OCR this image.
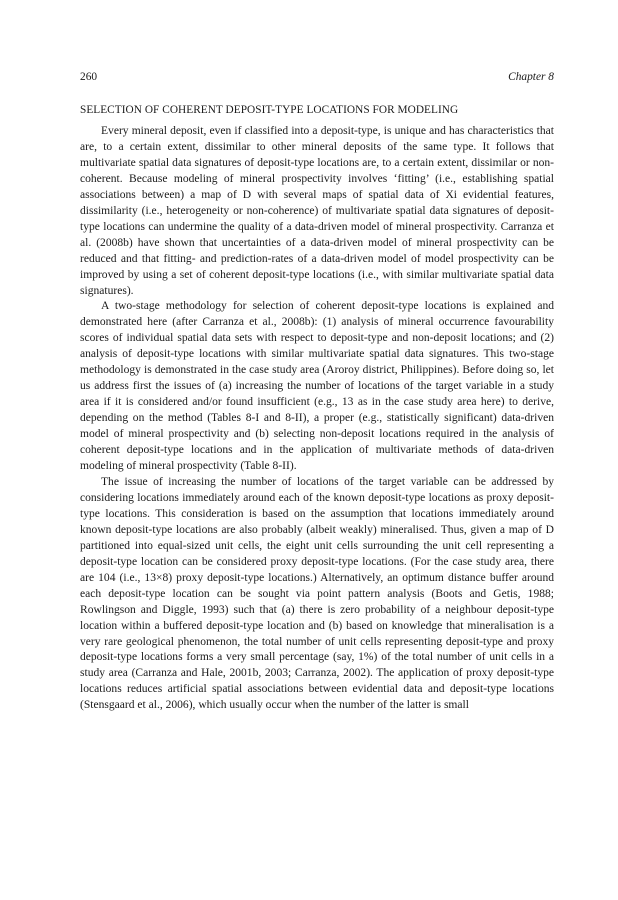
260	Chapter 8
SELECTION OF COHERENT DEPOSIT-TYPE LOCATIONS FOR MODELING

Every mineral deposit, even if classified into a deposit-type, is unique and has characteristics that are, to a certain extent, dissimilar to other mineral deposits of the same type. It follows that multivariate spatial data signatures of deposit-type locations are, to a certain extent, dissimilar or non-coherent. Because modeling of mineral prospectivity involves ‘fitting’ (i.e., establishing spatial associations between) a map of D with several maps of spatial data of Xi evidential features, dissimilarity (i.e., heterogeneity or non-coherence) of multivariate spatial data signatures of deposit-type locations can undermine the quality of a data-driven model of mineral prospectivity. Carranza et al. (2008b) have shown that uncertainties of a data-driven model of mineral prospectivity can be reduced and that fitting- and prediction-rates of a data-driven model of model prospectivity can be improved by using a set of coherent deposit-type locations (i.e., with similar multivariate spatial data signatures).

A two-stage methodology for selection of coherent deposit-type locations is explained and demonstrated here (after Carranza et al., 2008b): (1) analysis of mineral occurrence favourability scores of individual spatial data sets with respect to deposit-type and non-deposit locations; and (2) analysis of deposit-type locations with similar multivariate spatial data signatures. This two-stage methodology is demonstrated in the case study area (Aroroy district, Philippines). Before doing so, let us address first the issues of (a) increasing the number of locations of the target variable in a study area if it is considered and/or found insufficient (e.g., 13 as in the case study area here) to derive, depending on the method (Tables 8-I and 8-II), a proper (e.g., statistically significant) data-driven model of mineral prospectivity and (b) selecting non-deposit locations required in the analysis of coherent deposit-type locations and in the application of multivariate methods of data-driven modeling of mineral prospectivity (Table 8-II).

The issue of increasing the number of locations of the target variable can be addressed by considering locations immediately around each of the known deposit-type locations as proxy deposit-type locations. This consideration is based on the assumption that locations immediately around known deposit-type locations are also probably (albeit weakly) mineralised. Thus, given a map of D partitioned into equal-sized unit cells, the eight unit cells surrounding the unit cell representing a deposit-type location can be considered proxy deposit-type locations. (For the case study area, there are 104 (i.e., 13×8) proxy deposit-type locations.) Alternatively, an optimum distance buffer around each deposit-type location can be sought via point pattern analysis (Boots and Getis, 1988; Rowlingson and Diggle, 1993) such that (a) there is zero probability of a neighbour deposit-type location within a buffered deposit-type location and (b) based on knowledge that mineralisation is a very rare geological phenomenon, the total number of unit cells representing deposit-type and proxy deposit-type locations forms a very small percentage (say, 1%) of the total number of unit cells in a study area (Carranza and Hale, 2001b, 2003; Carranza, 2002). The application of proxy deposit-type locations reduces artificial spatial associations between evidential data and deposit-type locations (Stensgaard et al., 2006), which usually occur when the number of the latter is small
